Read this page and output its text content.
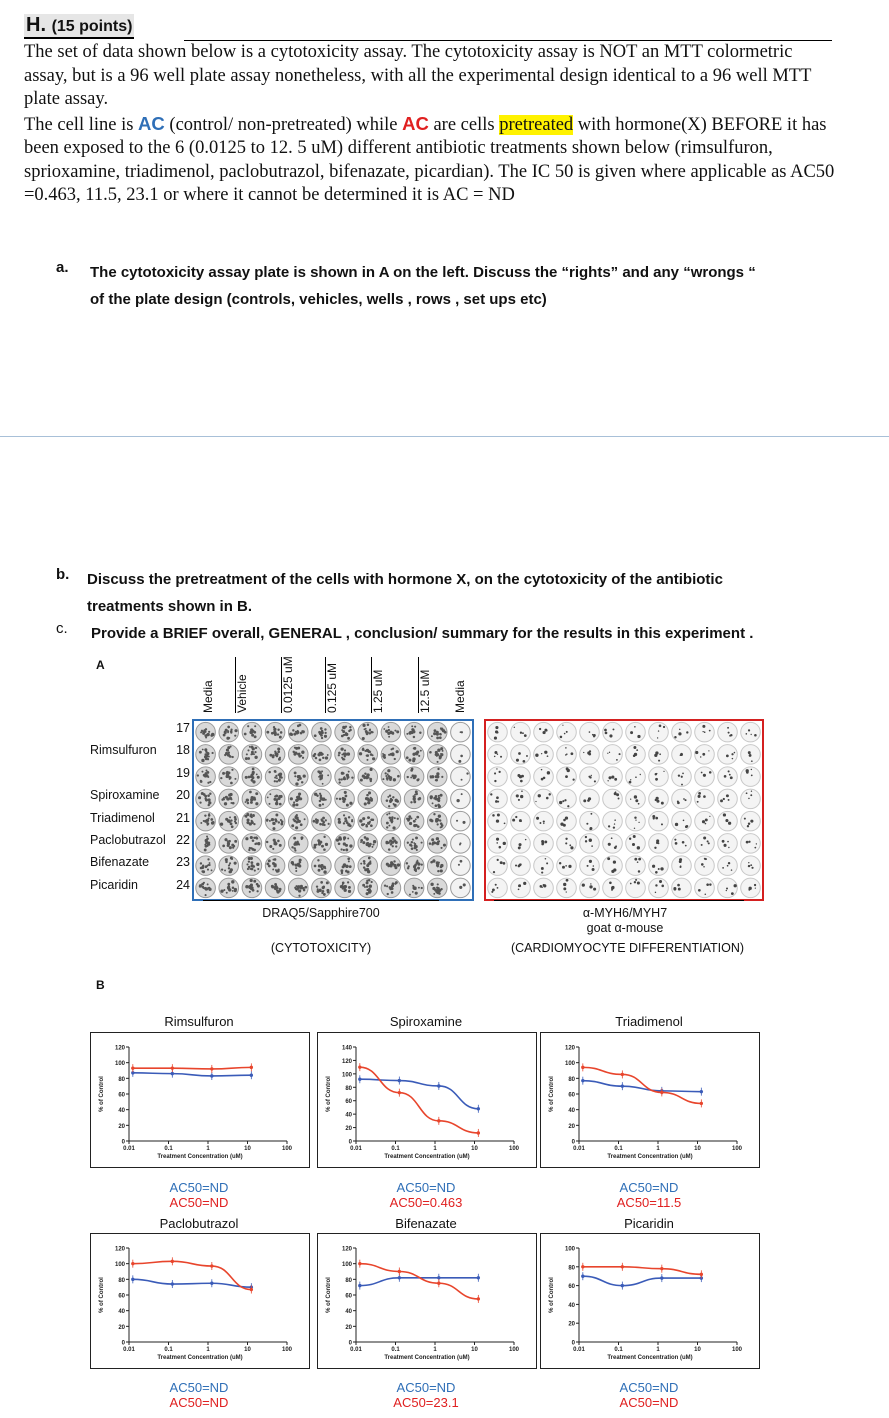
H. (15 points)
The set of data shown below is a cytotoxicity assay. The cytotoxicity assay is NOT an MTT colormetric assay, but is a 96 well plate assay nonetheless, with all the experimental design identical to a 96 well MTT plate assay.
The cell line is AC (control/ non-pretreated) while AC are cells pretreated with hormone(X) BEFORE it has been exposed to the 6 (0.0125 to 12. 5 uM) different antibiotic treatments shown below (rimsulfuron, sprioxamine, triadimenol, paclobutrazol, bifenazate, picardian). The IC 50 is given where applicable as AC50 =0.463, 11.5, 23.1 or where it cannot be determined it is AC = ND
a. The cytotoxicity assay plate is shown in A on the left. Discuss the “rights” and any “wrongs “
of the plate design (controls, vehicles, wells , rows , set ups etc)
b. Discuss the pretreatment of the cells with hormone X, on the cytotoxicity of the antibiotic
treatments shown in B.
c. Provide a BRIEF overall, GENERAL , conclusion/ summary for the results in this experiment .
A
Media Vehicle	0.0125 uM	0.125 uM	1.25 uM	12.5 uM Media
17
Rimsulfuron	18
19
Spiroxamine	20
Triadimenol	21
Paclobutrazol 22
Bifenazate	23
Picaridin	24
DRAQ5/Sapphire700
(CYTOTOXICITY)
α-MYH6/MYH7
goat α-mouse
(CARDIOMYOCYTE DIFFERENTIATION)
B
Rimsulfuron
0
20
40
60
80
100
120
0.01	0.1	1	10	100
Treatment Concentration (uM)
% of Control
AC50=ND
AC50=ND
Spiroxamine
0
20
40
60
80
100
120
140
0.01	0.1	1	10	100
Treatment Concentration (uM)
% of Control
AC50=ND
AC50=0.463
Triadimenol
0
20
40
60
80
100
120
0.01	0.1	1	10	100
Treatment Concentration (uM)
% of Control
AC50=ND
AC50=11.5
Paclobutrazol
0
20
40
60
80
100
120
0.01	0.1	1	10	100
Treatment Concentration (uM)
% of Control
AC50=ND
AC50=ND
Bifenazate
0
20
40
60
80
100
120
0.01	0.1	1	10	100
Treatment Concentration (uM)
% of Control
AC50=ND
AC50=23.1
Picaridin
0
20
40
60
80
100
0.01	0.1	1	10	100
Treatment Concentration (uM)
% of Control
AC50=ND
AC50=ND
